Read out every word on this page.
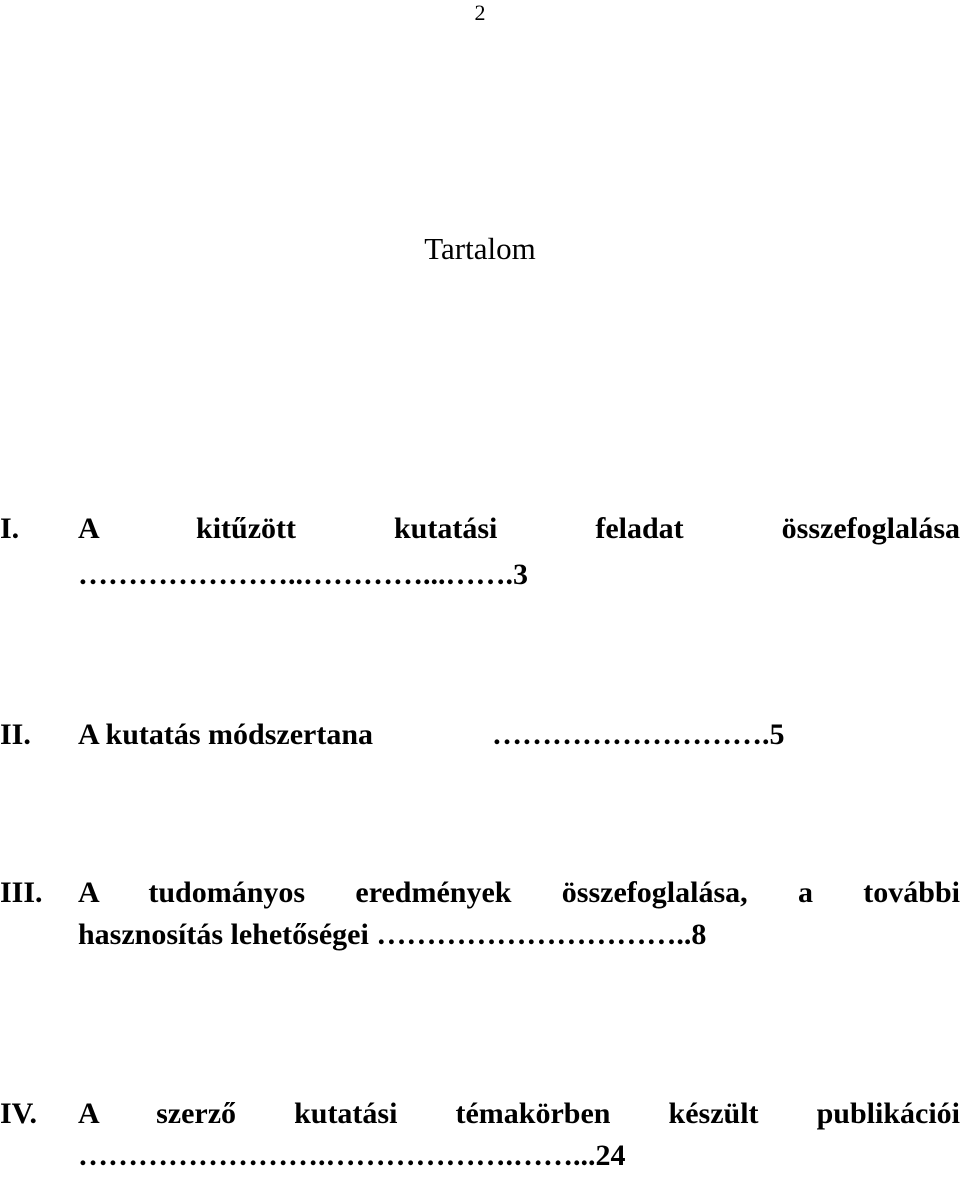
2
Tartalom
I. A kitűzött kutatási feladat összefoglalása
…………………..…………...…….3
II. A kutatás módszertana	……………………….5
III. A tudományos eredmények összefoglalása, a további
hasznosítás lehetőségei …………………………..8
IV. A szerző kutatási témakörben készült publikációi
…………………….……………….……...24
